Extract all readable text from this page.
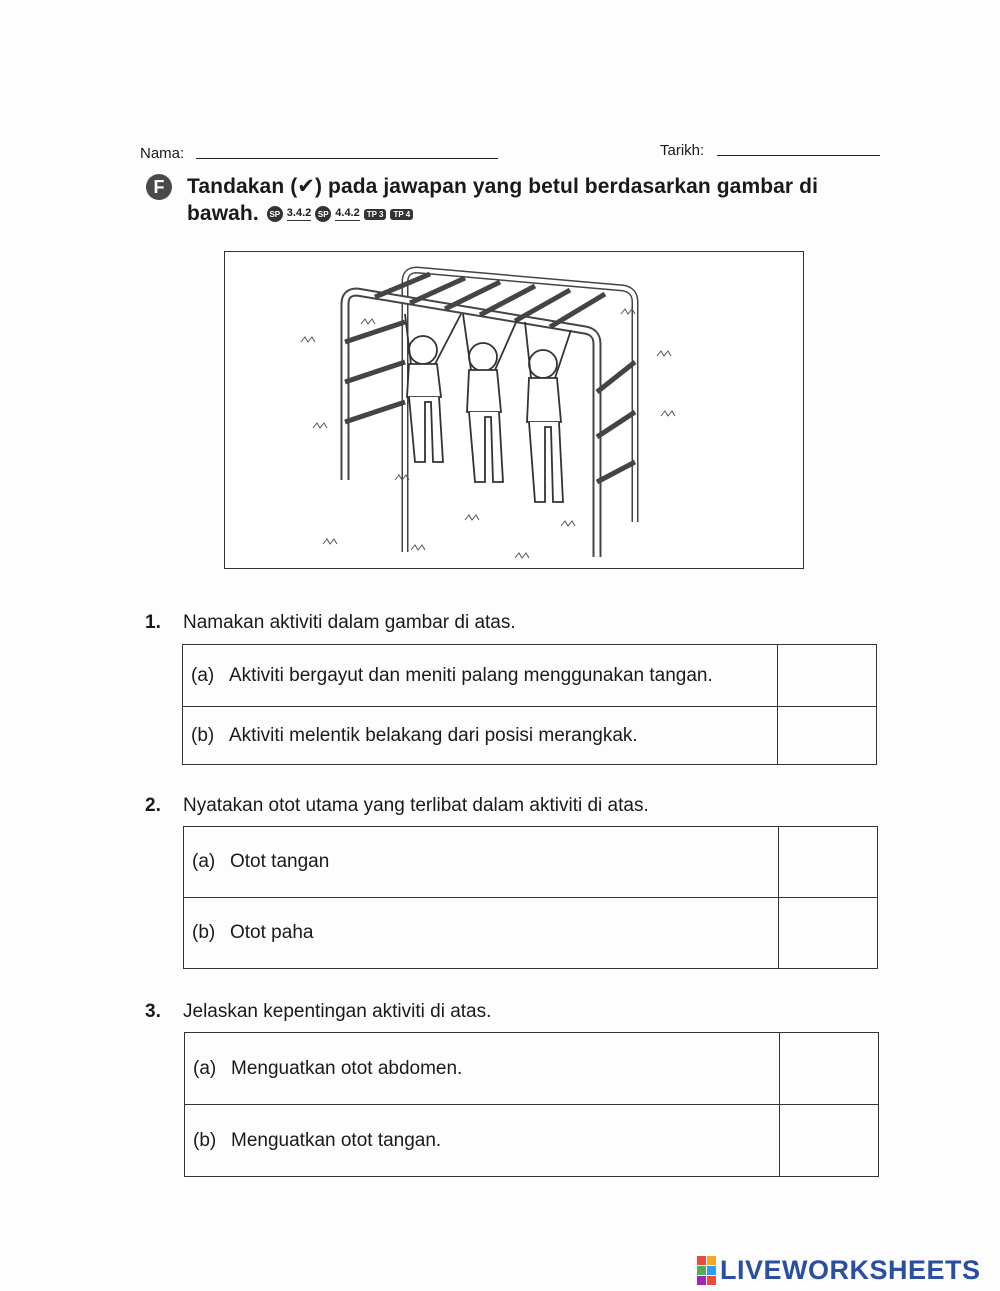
Nama:	Tarikh:
F	Tandakan (✔) pada jawapan yang betul berdasarkan gambar di
bawah.	SP 3.4.2 SP 4.4.2 TP 3	TP 4
1. Namakan aktiviti dalam gambar di atas.
(a) Aktiviti bergayut dan meniti palang menggunakan tangan.	

(b) Aktiviti melentik belakang dari posisi merangkak.	

2. Nyatakan otot utama yang terlibat dalam aktiviti di atas.
(a) Otot tangan	

(b) Otot paha	

3. Jelaskan kepentingan aktiviti di atas.
(a) Menguatkan otot abdomen.	

(b) Menguatkan otot tangan.	

LIVEWORKSHEETS
